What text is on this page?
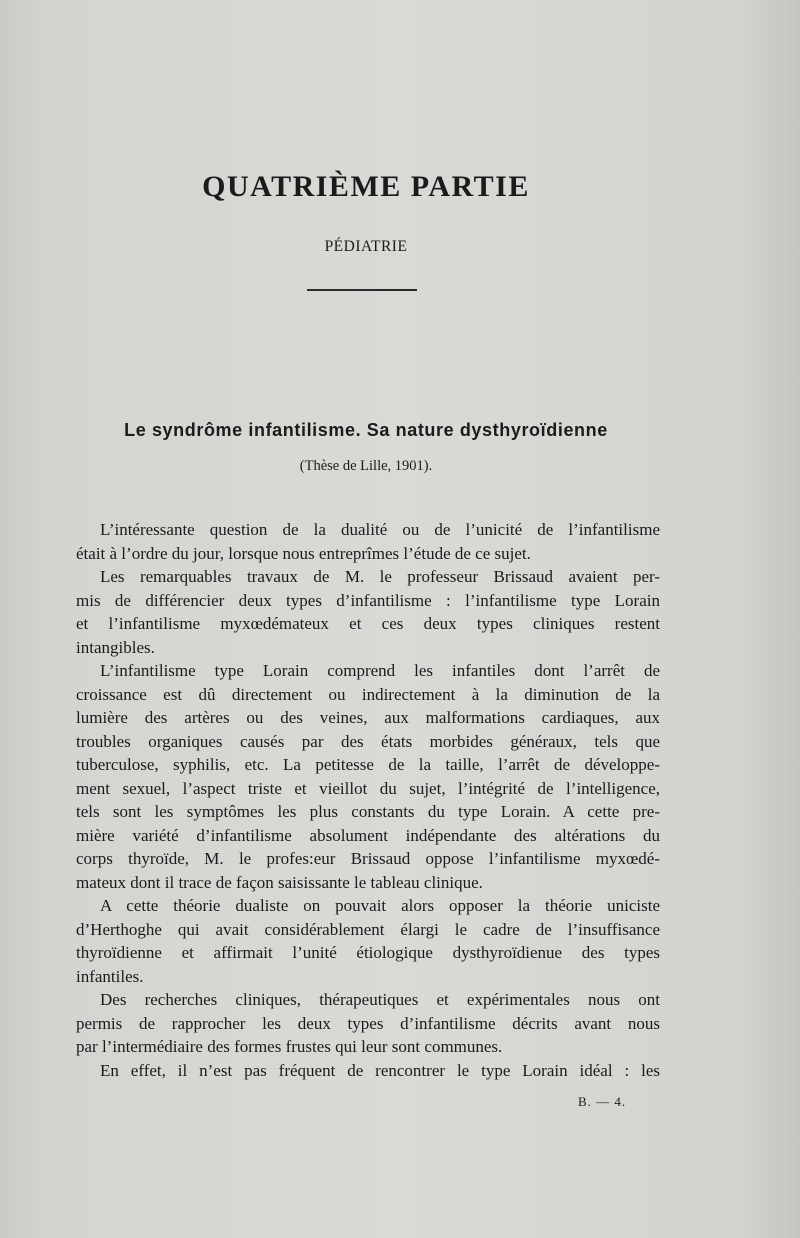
QUATRIÈME PARTIE
PÉDIATRIE
Le syndrôme infantilisme. Sa nature dysthyroïdienne
(Thèse de Lille, 1901).
L’intéressante question de la dualité ou de l’unicité de l’infantilisme
était à l’ordre du jour, lorsque nous entreprîmes l’étude de ce sujet.
Les remarquables travaux de M. le professeur Brissaud avaient per-
mis de différencier deux types d’infantilisme : l’infantilisme type Lorain
et l’infantilisme myxœdémateux et ces deux types cliniques restent
intangibles.
L’infantilisme type Lorain comprend les infantiles dont l’arrêt de
croissance est dû directement ou indirectement à la diminution de la
lumière des artères ou des veines, aux malformations cardiaques, aux
troubles organiques causés par des états morbides généraux, tels que
tuberculose, syphilis, etc. La petitesse de la taille, l’arrêt de développe-
ment sexuel, l’aspect triste et vieillot du sujet, l’intégrité de l’intelligence,
tels sont les symptômes les plus constants du type Lorain. A cette pre-
mière variété d’infantilisme absolument indépendante des altérations du
corps thyroïde, M. le profes:eur Brissaud oppose l’infantilisme myxœdé-
mateux dont il trace de façon saisissante le tableau clinique.
A cette théorie dualiste on pouvait alors opposer la théorie uniciste
d’Herthoghe qui avait considérablement élargi le cadre de l’insuffisance
thyroïdienne et affirmait l’unité étiologique dysthyroïdienue des types
infantiles.
Des recherches cliniques, thérapeutiques et expérimentales nous ont
permis de rapprocher les deux types d’infantilisme décrits avant nous
par l’intermédiaire des formes frustes qui leur sont communes.
En effet, il n’est pas fréquent de rencontrer le type Lorain idéal : les
B. — 4.
